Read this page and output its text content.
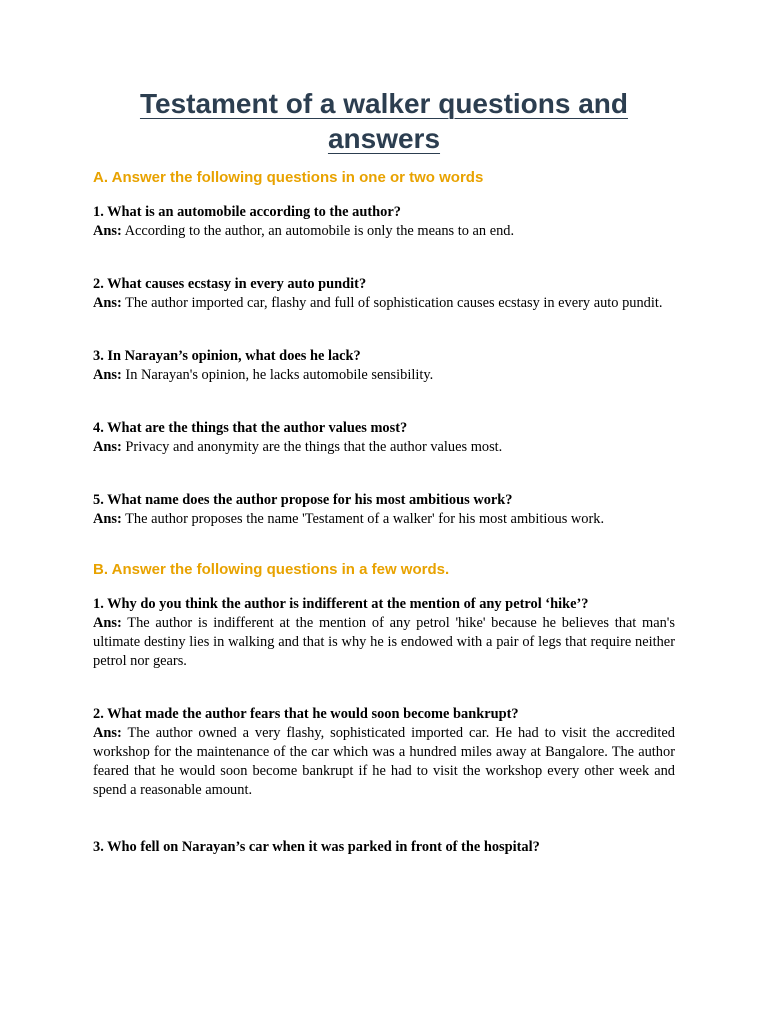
Testament of a walker questions and answers
A. Answer the following questions in one or two words

1. What is an automobile according to the author?

Ans: According to the author, an automobile is only the means to an end.

2. What causes ecstasy in every auto pundit?

Ans: The author imported car, flashy and full of sophistication causes ecstasy in every auto pundit.

3. In Narayan’s opinion, what does he lack?

Ans: In Narayan's opinion, he lacks automobile sensibility.

4. What are the things that the author values most?

Ans: Privacy and anonymity are the things that the author values most.

5. What name does the author propose for his most ambitious work?

Ans: The author proposes the name 'Testament of a walker' for his most ambitious work.

B. Answer the following questions in a few words.

1. Why do you think the author is indifferent at the mention of any petrol ‘hike’?

Ans: The author is indifferent at the mention of any petrol 'hike' because he believes that man's ultimate destiny lies in walking and that is why he is endowed with a pair of legs that require neither petrol nor gears.

2. What made the author fears that he would soon become bankrupt?

Ans: The author owned a very flashy, sophisticated imported car. He had to visit the accredited workshop for the maintenance of the car which was a hundred miles away at Bangalore. The author feared that he would soon become bankrupt if he had to visit the workshop every other week and spend a reasonable amount.

3. Who fell on Narayan’s car when it was parked in front of the hospital?
